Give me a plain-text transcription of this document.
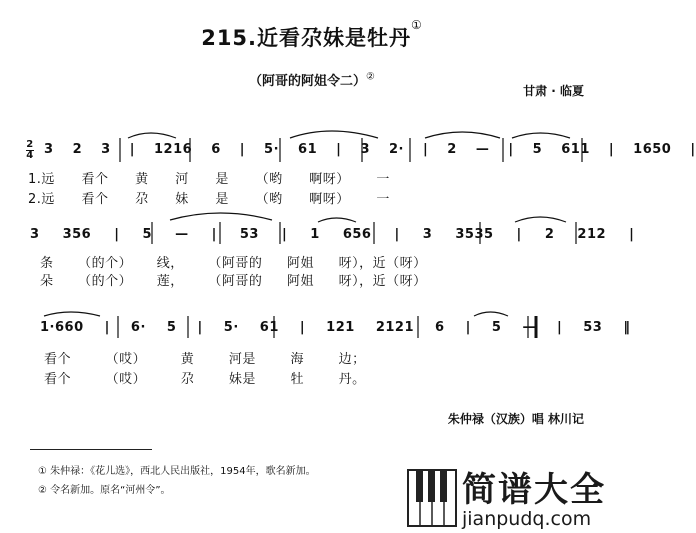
215.近看尕妹是牡丹①
（阿哥的阿姐令二）②
甘肃 · 临夏
3 2 3 | 1216 6 | 5· 61 | 3 2· | 2 — | 5 611 | 1650 |
3 356 | 5 — | 53 | 1 656 | 3 3535 | 2 212 |
1·660 | 6· 5 | 5· 61 | 121 2121 6 | 5 — | 53 ‖
2
4
1.远 看个 黄 河 是 （哟 啊呀） 一
2.远 看个 尕 妹 是 （哟 啊呀） 一
条 （的个） 线， （阿哥的 阿姐 呀），近（呀）
朵 （的个） 莲， （阿哥的 阿姐 呀），近（呀）
看个 （哎） 黄 河是 海 边；
看个 （哎） 尕 妹是 牡 丹。
朱仲禄（汉族）唱 林川记
① 朱仲禄：《花儿选》，西北人民出版社，1954年，歌名新加。
② 令名新加。原名“河州令”。	简谱大全
jianpudq.com
